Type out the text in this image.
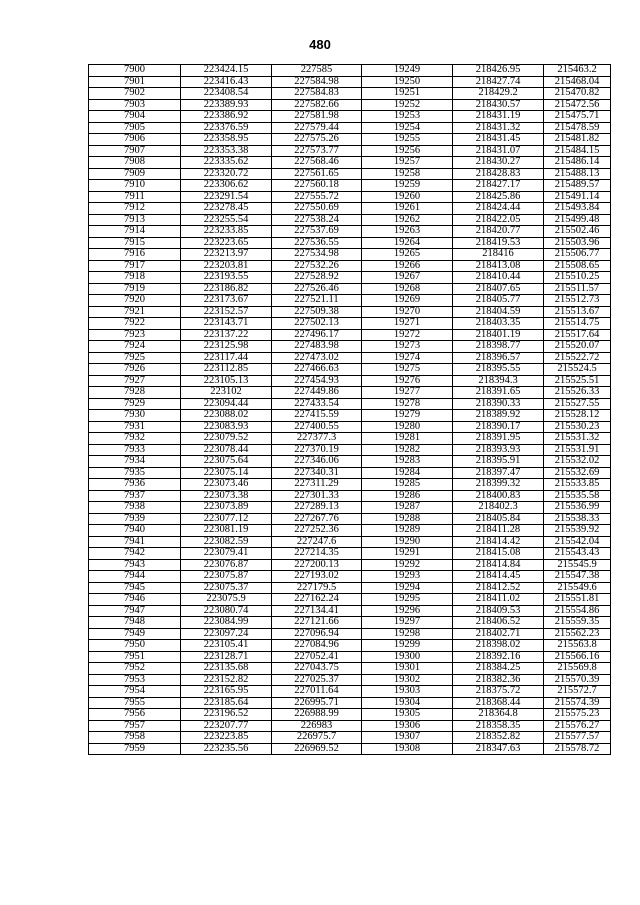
480
7900	223424.15	227585	19249	218426.95	215463.2
7901	223416.43	227584.98	19250	218427.74	215468.04
7902	223408.54	227584.83	19251	218429.2	215470.82
7903	223389.93	227582.66	19252	218430.57	215472.56
7904	223386.92	227581.98	19253	218431.19	215475.71
7905	223376.59	227579.44	19254	218431.32	215478.59
7906	223358.95	227575.26	19255	218431.45	215481.82
7907	223353.38	227573.77	19256	218431.07	215484.15
7908	223335.62	227568.46	19257	218430.27	215486.14
7909	223320.72	227561.65	19258	218428.83	215488.13
7910	223306.62	227560.18	19259	218427.17	215489.57
7911	223291.54	227555.72	19260	218425.86	215491.14
7912	223278.45	227550.69	19261	218424.44	215493.84
7913	223255.54	227538.24	19262	218422.05	215499.48
7914	223233.85	227537.69	19263	218420.77	215502.46
7915	223223.65	227536.55	19264	218419.53	215503.96
7916	223213.97	227534.98	19265	218416	215506.77
7917	223203.81	227532.26	19266	218413.08	215508.65
7918	223193.55	227528.92	19267	218410.44	215510.25
7919	223186.82	227526.46	19268	218407.65	215511.57
7920	223173.67	227521.11	19269	218405.77	215512.73
7921	223152.57	227509.38	19270	218404.59	215513.67
7922	223143.71	227502.13	19271	218403.35	215514.75
7923	223137.22	227496.17	19272	218401.19	215517.64
7924	223125.98	227483.98	19273	218398.77	215520.07
7925	223117.44	227473.02	19274	218396.57	215522.72
7926	223112.85	227466.63	19275	218395.55	215524.5
7927	223105.13	227454.93	19276	218394.3	215525.51
7928	223102	227449.86	19277	218391.65	215526.33
7929	223094.44	227433.54	19278	218390.33	215527.55
7930	223088.02	227415.59	19279	218389.92	215528.12
7931	223083.93	227400.55	19280	218390.17	215530.23
7932	223079.52	227377.3	19281	218391.95	215531.32
7933	223078.44	227370.19	19282	218393.93	215531.91
7934	223075.64	227346.06	19283	218395.91	215532.02
7935	223075.14	227340.31	19284	218397.47	215532.69
7936	223073.46	227311.29	19285	218399.32	215533.85
7937	223073.38	227301.33	19286	218400.83	215535.58
7938	223073.89	227289.13	19287	218402.3	215536.99
7939	223077.12	227267.76	19288	218405.84	215538.33
7940	223081.19	227252.36	19289	218411.28	215539.92
7941	223082.59	227247.6	19290	218414.42	215542.04
7942	223079.41	227214.35	19291	218415.08	215543.43
7943	223076.87	227200.13	19292	218414.84	215545.9
7944	223075.87	227193.02	19293	218414.45	215547.38
7945	223075.37	227179.5	19294	218412.52	215549.6
7946	223075.9	227162.24	19295	218411.02	215551.81
7947	223080.74	227134.41	19296	218409.53	215554.86
7948	223084.99	227121.66	19297	218406.52	215559.35
7949	223097.24	227096.94	19298	218402.71	215562.23
7950	223105.41	227084.96	19299	218398.02	215563.8
7951	223128.71	227052.41	19300	218392.16	215566.16
7952	223135.68	227043.75	19301	218384.25	215569.8
7953	223152.82	227025.37	19302	218382.36	215570.39
7954	223165.95	227011.64	19303	218375.72	215572.7
7955	223185.64	226995.71	19304	218368.44	215574.39
7956	223196.52	226988.99	19305	218364.8	215575.23
7957	223207.77	226983	19306	218358.35	215576.27
7958	223223.85	226975.7	19307	218352.82	215577.57
7959	223235.56	226969.52	19308	218347.63	215578.72
